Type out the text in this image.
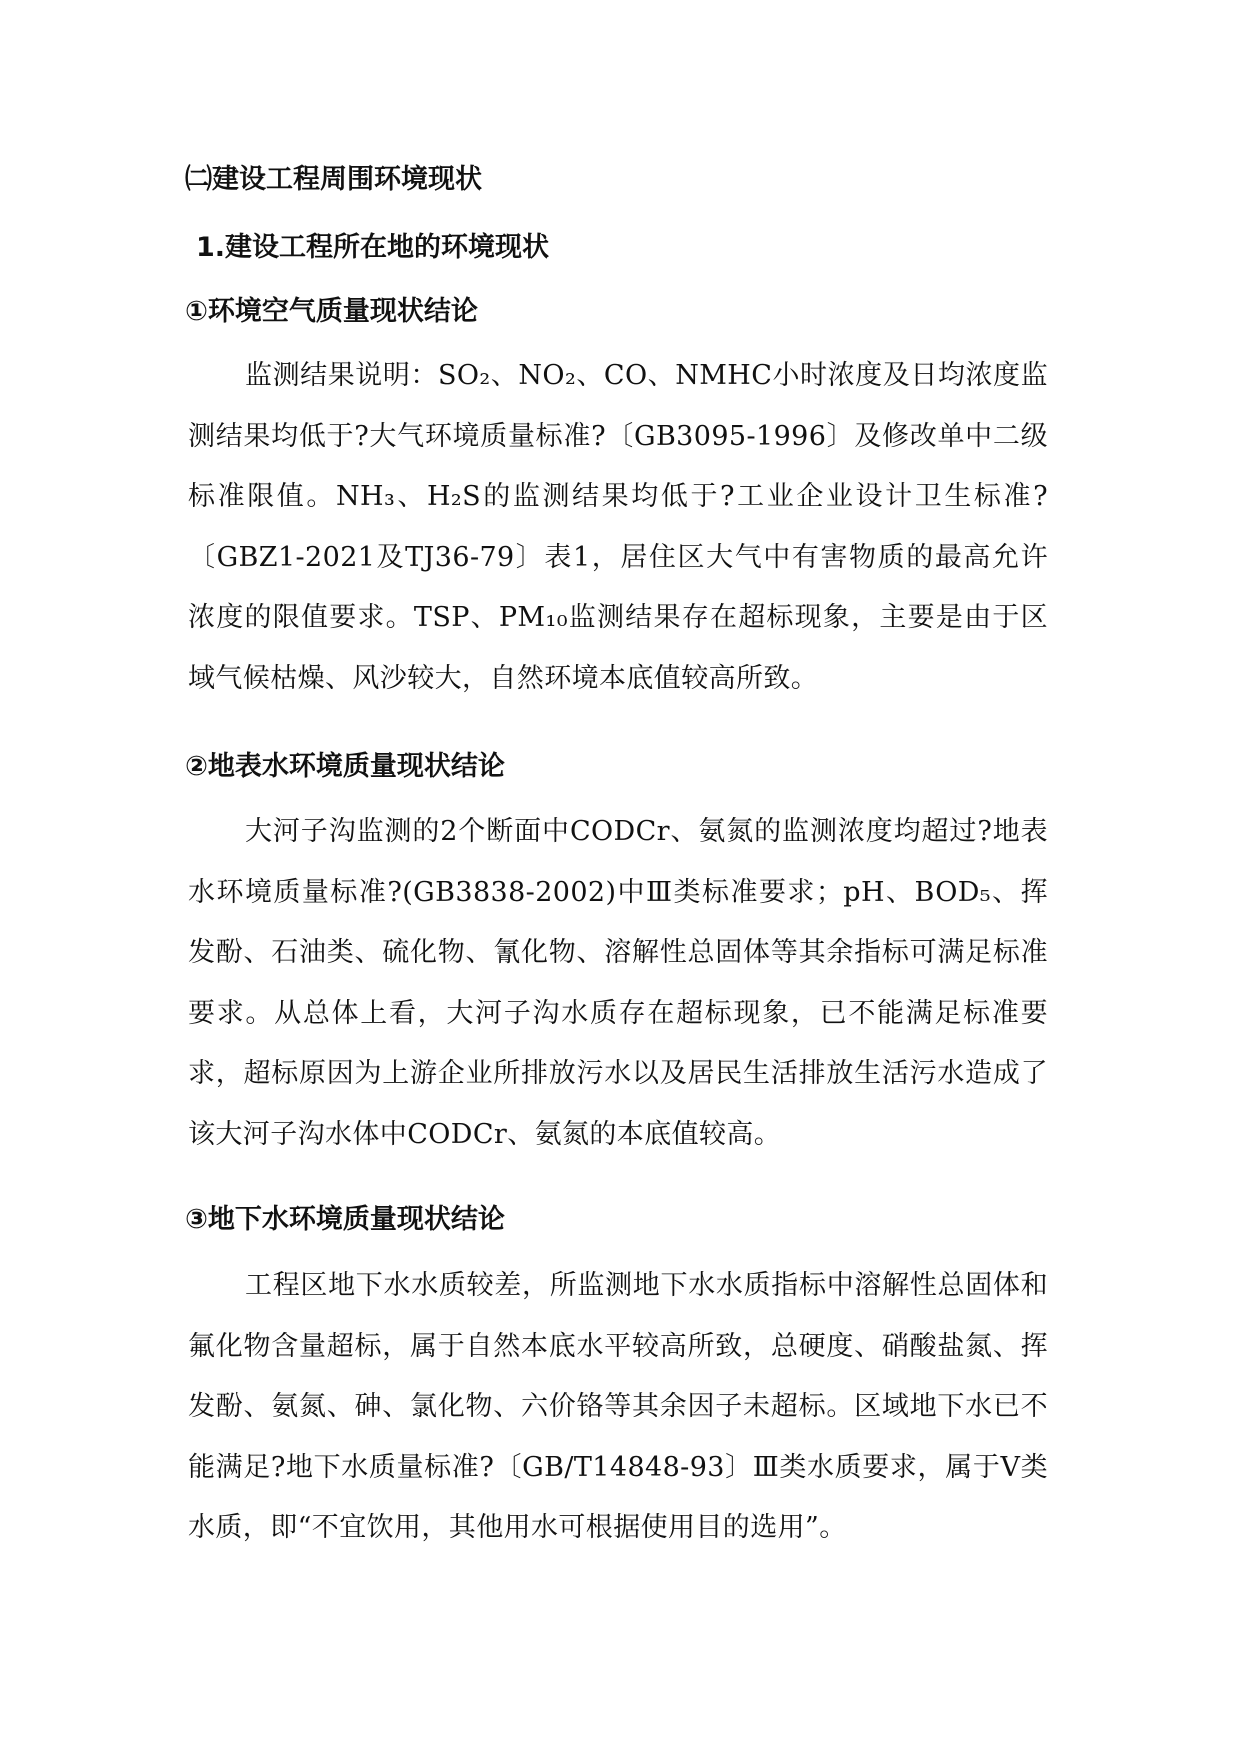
㈡建设工程周围环境现状
1.建设工程所在地的环境现状
①环境空气质量现状结论

监测结果说明：SO₂、NO₂、CO、NMHC小时浓度及日均浓度监测结果均低于?大气环境质量标准?〔GB3095-1996〕及修改单中二级标准限值。NH₃、H₂S的监测结果均低于?工业企业设计卫生标准?〔GBZ1-2021及TJ36-79〕表1，居住区大气中有害物质的最高允许浓度的限值要求。TSP、PM₁₀监测结果存在超标现象，主要是由于区域气候枯燥、风沙较大，自然环境本底值较高所致。

②地表水环境质量现状结论

大河子沟监测的2个断面中CODCr、氨氮的监测浓度均超过?地表水环境质量标准?(GB3838-2002)中Ⅲ类标准要求；pH、BOD₅、挥发酚、石油类、硫化物、氰化物、溶解性总固体等其余指标可满足标准要求。从总体上看，大河子沟水质存在超标现象，已不能满足标准要求，超标原因为上游企业所排放污水以及居民生活排放生活污水造成了该大河子沟水体中CODCr、氨氮的本底值较高。

③地下水环境质量现状结论

工程区地下水水质较差，所监测地下水水质指标中溶解性总固体和氟化物含量超标，属于自然本底水平较高所致，总硬度、硝酸盐氮、挥发酚、氨氮、砷、氯化物、六价铬等其余因子未超标。区域地下水已不能满足?地下水质量标准?〔GB/T14848-93〕Ⅲ类水质要求，属于Ⅴ类水质，即“不宜饮用，其他用水可根据使用目的选用”。
